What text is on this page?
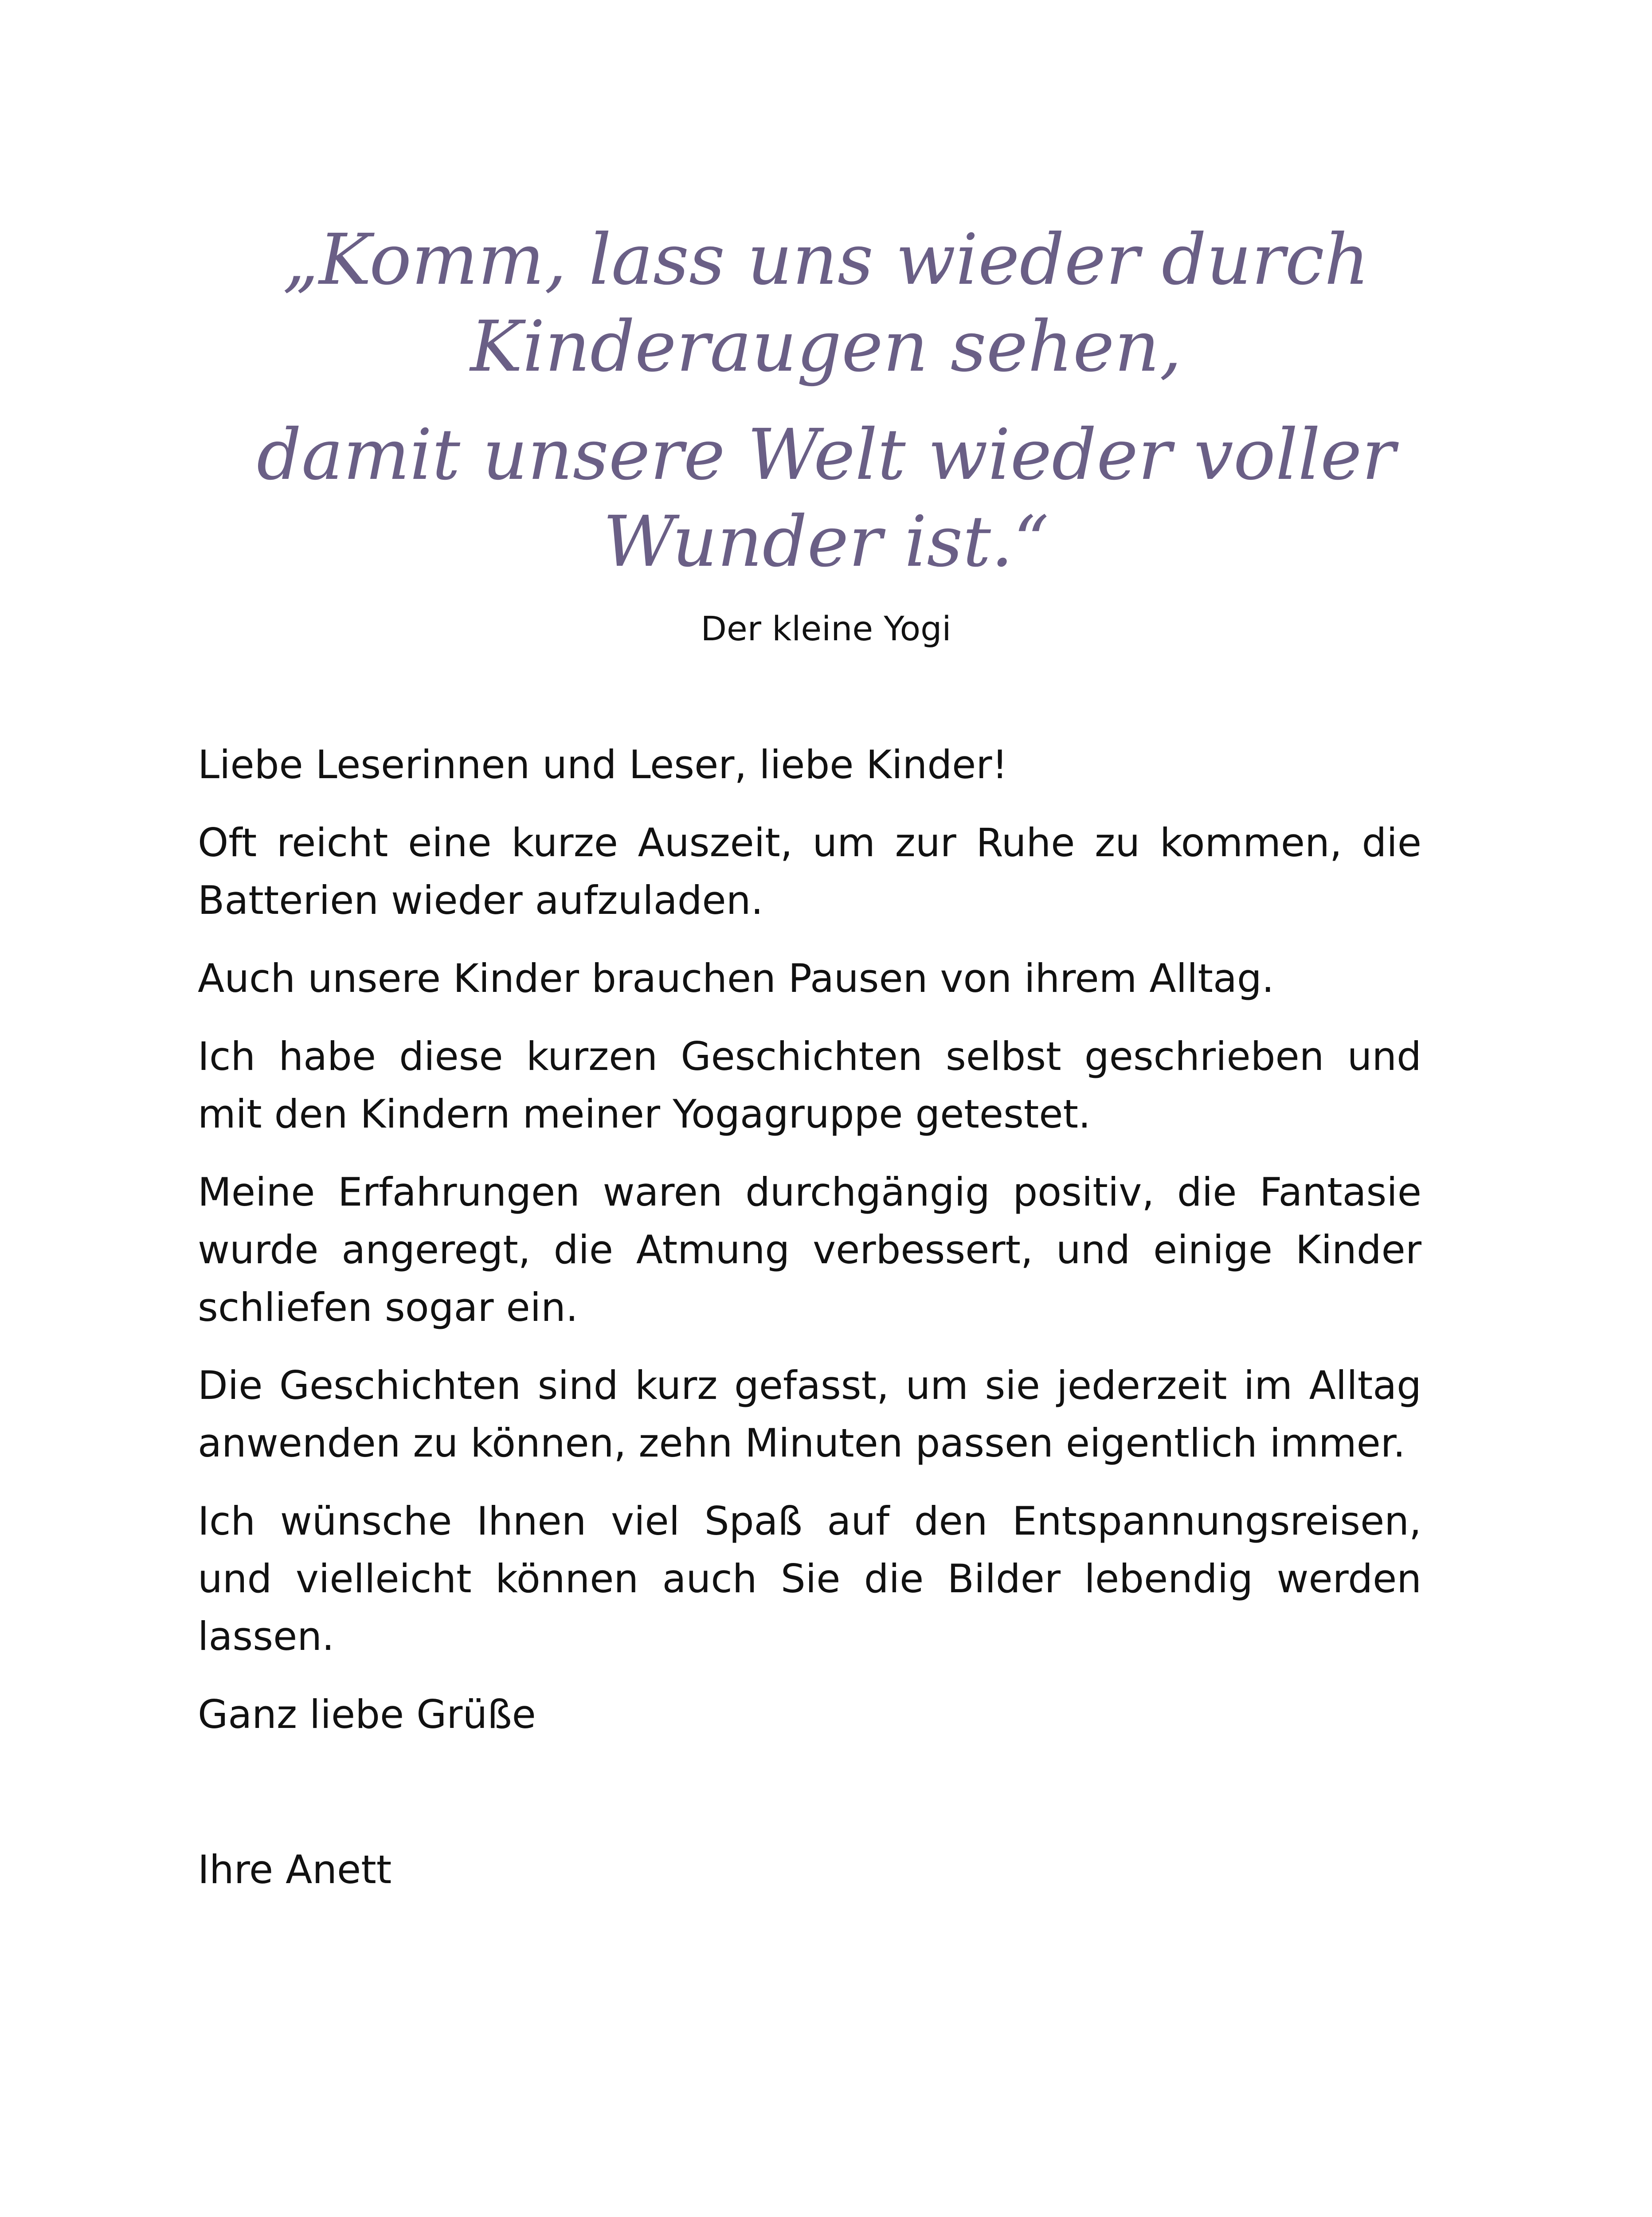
„Komm, lass uns wieder durch
Kinderaugen sehen,
damit unsere Welt wieder voller
Wunder ist.“
Der kleine Yogi

Liebe Leserinnen und Leser, liebe Kinder!

Oft reicht eine kurze Auszeit, um zur Ruhe zu kommen, die Batterien wieder aufzuladen.

Auch unsere Kinder brauchen Pausen von ihrem Alltag.

Ich habe diese kurzen Geschichten selbst geschrieben und mit den Kindern meiner Yogagruppe getestet.

Meine Erfahrungen waren durchgängig positiv, die Fantasie wurde angeregt, die Atmung verbessert, und einige Kinder schliefen sogar ein.

Die Geschichten sind kurz gefasst, um sie jederzeit im Alltag anwenden zu können, zehn Minuten passen eigentlich immer.

Ich wünsche Ihnen viel Spaß auf den Entspannungsreisen, und vielleicht können auch Sie die Bilder lebendig werden lassen.

Ganz liebe Grüße

Ihre Anett
